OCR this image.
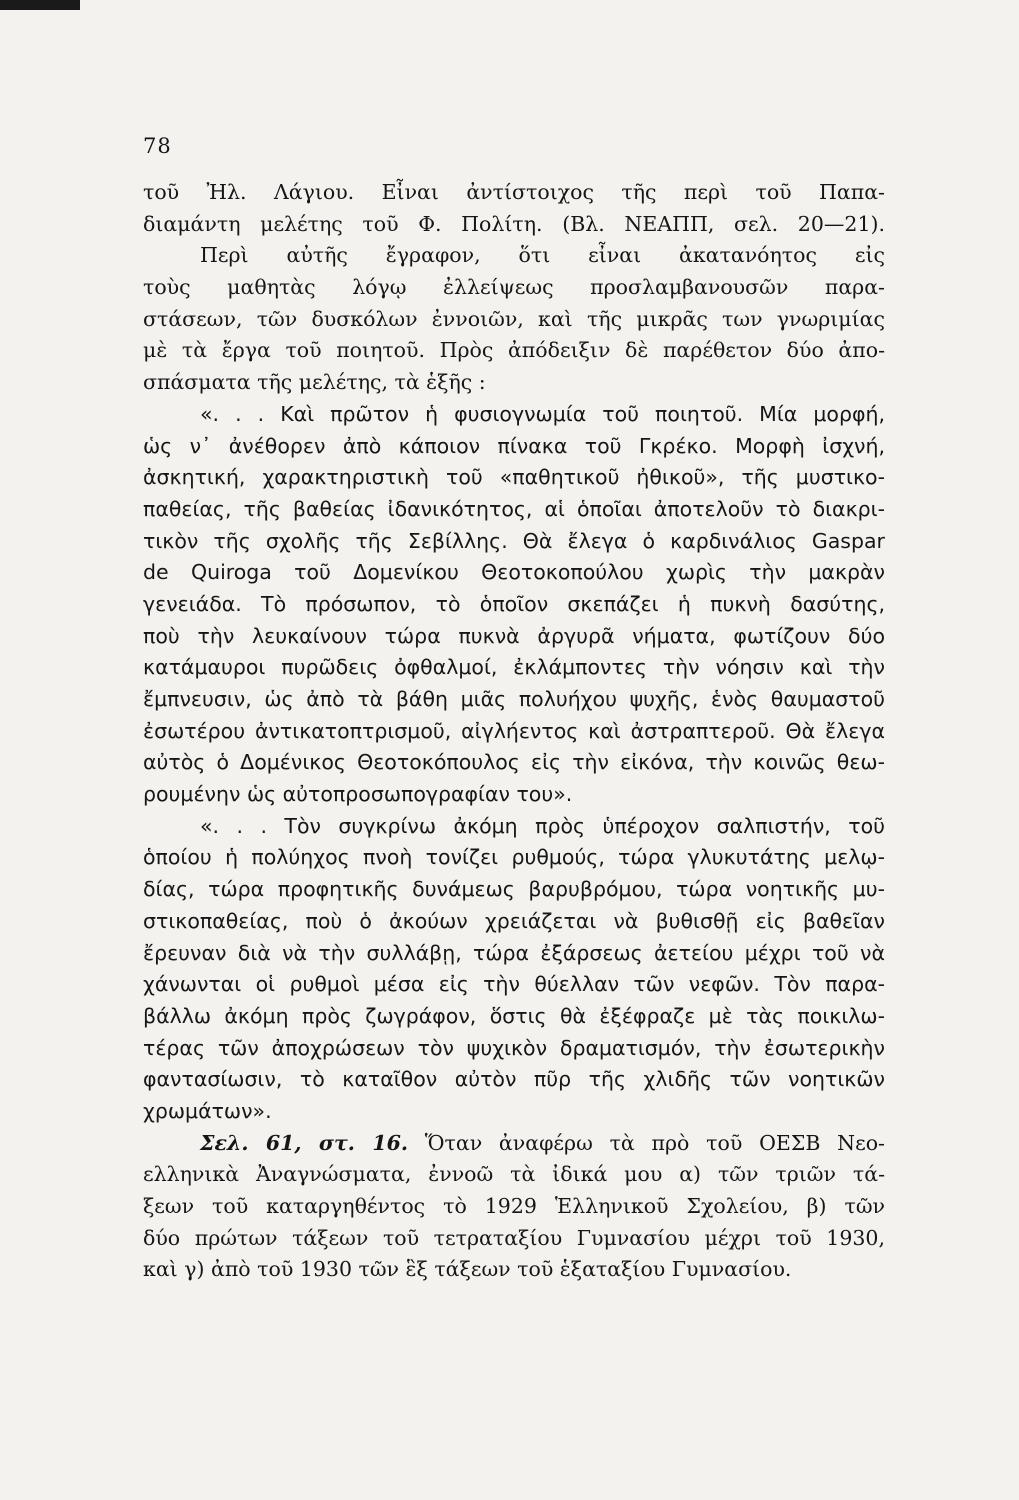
78
τοῦ Ἠλ. Λάγιου. Εἶναι ἀντίστοιχος τῆς περὶ τοῦ Παπα-
διαμάντη μελέτης τοῦ Φ. Πολίτη. (Βλ. ΝΕΑΠΠ, σελ. 20—21).
Περὶ αὐτῆς ἔγραφον, ὅτι εἶναι ἀκατανόητος εἰς
τοὺς μαθητὰς λόγῳ ἐλλείψεως προσλαμβανουσῶν παρα-
στάσεων, τῶν δυσκόλων ἐννοιῶν, καὶ τῆς μικρᾶς των γνωριμίας
μὲ τὰ ἔργα τοῦ ποιητοῦ. Πρὸς ἀπόδειξιν δὲ παρέθετον δύο ἀπο-
σπάσματα τῆς μελέτης, τὰ ἑξῆς :
«. . . Καὶ πρῶτον ἡ φυσιογνωμία τοῦ ποιητοῦ. Μία μορφή,
ὡς ν᾿ ἀνέθορεν ἀπὸ κάποιον πίνακα τοῦ Γκρέκο. Μορφὴ ἰσχνή,
ἀσκητική, χαρακτηριστικὴ τοῦ «παθητικοῦ ἠθικοῦ», τῆς μυστικο-
παθείας, τῆς βαθείας ἰδανικότητος, αἱ ὁποῖαι ἀποτελοῦν τὸ διακρι-
τικὸν τῆς σχολῆς τῆς Σεβίλλης. Θὰ ἔλεγα ὁ καρδινάλιος Gaspar
de Quiroga τοῦ Δομενίκου Θεοτοκοπούλου χωρὶς τὴν μακρὰν
γενειάδα. Τὸ πρόσωπον, τὸ ὁποῖον σκεπάζει ἡ πυκνὴ δασύτης,
ποὺ τὴν λευκαίνουν τώρα πυκνὰ ἀργυρᾶ νήματα, φωτίζουν δύο
κατάμαυροι πυρῶδεις ὀφθαλμοί, ἐκλάμποντες τὴν νόησιν καὶ τὴν
ἔμπνευσιν, ὡς ἀπὸ τὰ βάθη μιᾶς πολυήχου ψυχῆς, ἑνὸς θαυμαστοῦ
ἐσωτέρου ἀντικατοπτρισμοῦ, αἰγλήεντος καὶ ἀστραπτεροῦ. Θὰ ἔλεγα
αὐτὸς ὁ Δομένικος Θεοτοκόπουλος εἰς τὴν εἰκόνα, τὴν κοινῶς θεω-
ρουμένην ὡς αὐτοπροσωπογραφίαν του».
«. . . Τὸν συγκρίνω ἀκόμη πρὸς ὑπέροχον σαλπιστήν, τοῦ
ὁποίου ἡ πολύηχος πνοὴ τονίζει ρυθμούς, τώρα γλυκυτάτης μελῳ-
δίας, τώρα προφητικῆς δυνάμεως βαρυβρόμου, τώρα νοητικῆς μυ-
στικοπαθείας, ποὺ ὁ ἀκούων χρειάζεται νὰ βυθισθῇ εἰς βαθεῖαν
ἔρευναν διὰ νὰ τὴν συλλάβῃ, τώρα ἐξάρσεως ἀετείου μέχρι τοῦ νὰ
χάνωνται οἱ ρυθμοὶ μέσα εἰς τὴν θύελλαν τῶν νεφῶν. Τὸν παρα-
βάλλω ἀκόμη πρὸς ζωγράφον, ὅστις θὰ ἐξέφραζε μὲ τὰς ποικιλω-
τέρας τῶν ἀποχρώσεων τὸν ψυχικὸν δραματισμόν, τὴν ἐσωτερικὴν
φαντασίωσιν, τὸ καταῖθον αὐτὸν πῦρ τῆς χλιδῆς τῶν νοητικῶν
χρωμάτων».
Σελ. 61, στ. 16. Ὅταν ἀναφέρω τὰ πρὸ τοῦ ΟΕΣΒ Νεο-
ελληνικὰ Ἀναγνώσματα, ἐννοῶ τὰ ἰδικά μου α) τῶν τριῶν τά-
ξεων τοῦ καταργηθέντος τὸ 1929 Ἑλληνικοῦ Σχολείου, β) τῶν
δύο πρώτων τάξεων τοῦ τετραταξίου Γυμνασίου μέχρι τοῦ 1930,
καὶ γ) ἀπὸ τοῦ 1930 τῶν ἓξ τάξεων τοῦ ἑξαταξίου Γυμνασίου.
